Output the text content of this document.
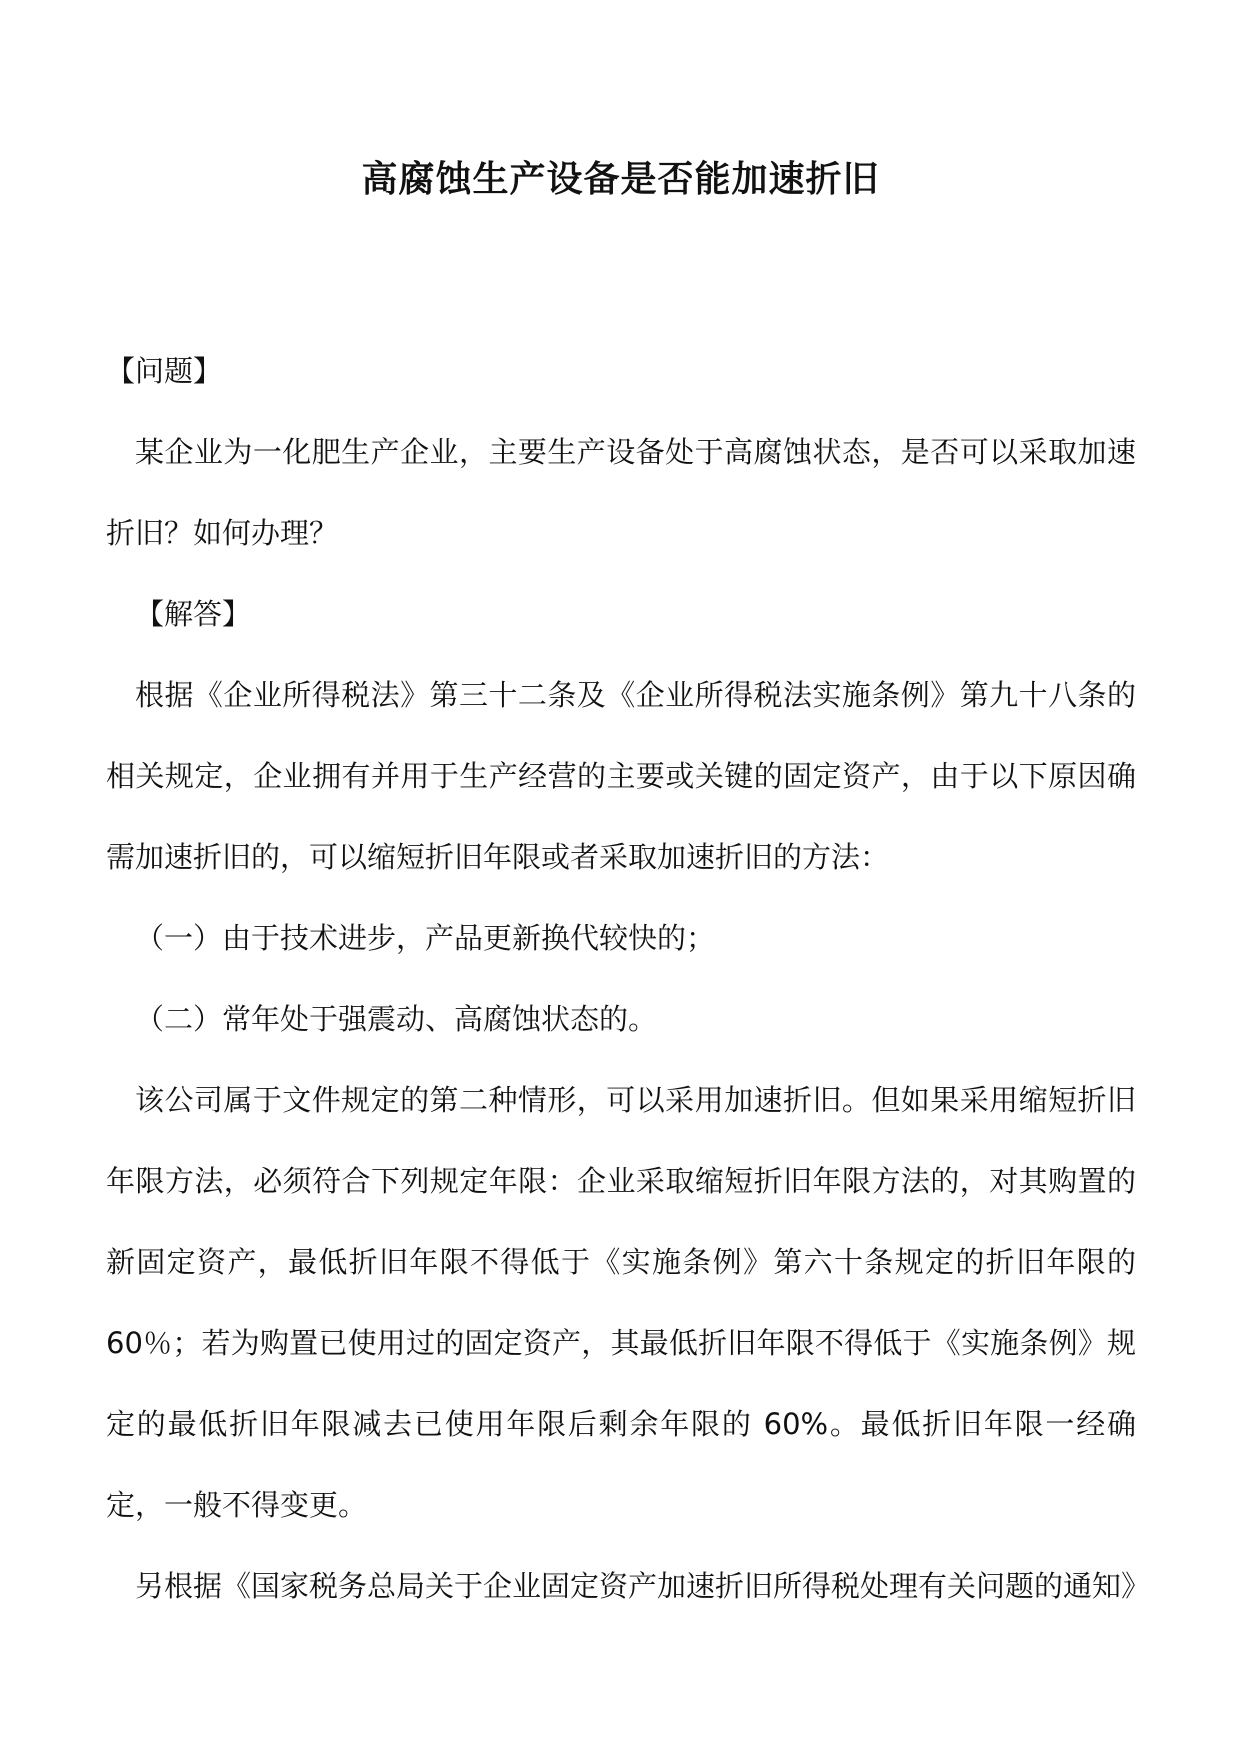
高腐蚀生产设备是否能加速折旧

【问题】

某企业为一化肥生产企业，主要生产设备处于高腐蚀状态，是否可以采取加速折旧？如何办理？

【解答】

根据《企业所得税法》第三十二条及《企业所得税法实施条例》第九十八条的相关规定，企业拥有并用于生产经营的主要或关键的固定资产，由于以下原因确需加速折旧的，可以缩短折旧年限或者采取加速折旧的方法：

（一）由于技术进步，产品更新换代较快的；

（二）常年处于强震动、高腐蚀状态的。

该公司属于文件规定的第二种情形，可以采用加速折旧。但如果采用缩短折旧年限方法，必须符合下列规定年限：企业采取缩短折旧年限方法的，对其购置的新固定资产，最低折旧年限不得低于《实施条例》第六十条规定的折旧年限的 60％；若为购置已使用过的固定资产，其最低折旧年限不得低于《实施条例》规定的最低折旧年限减去已使用年限后剩余年限的 60%。最低折旧年限一经确定，一般不得变更。

另根据《国家税务总局关于企业固定资产加速折旧所得税处理有关问题的通知》
